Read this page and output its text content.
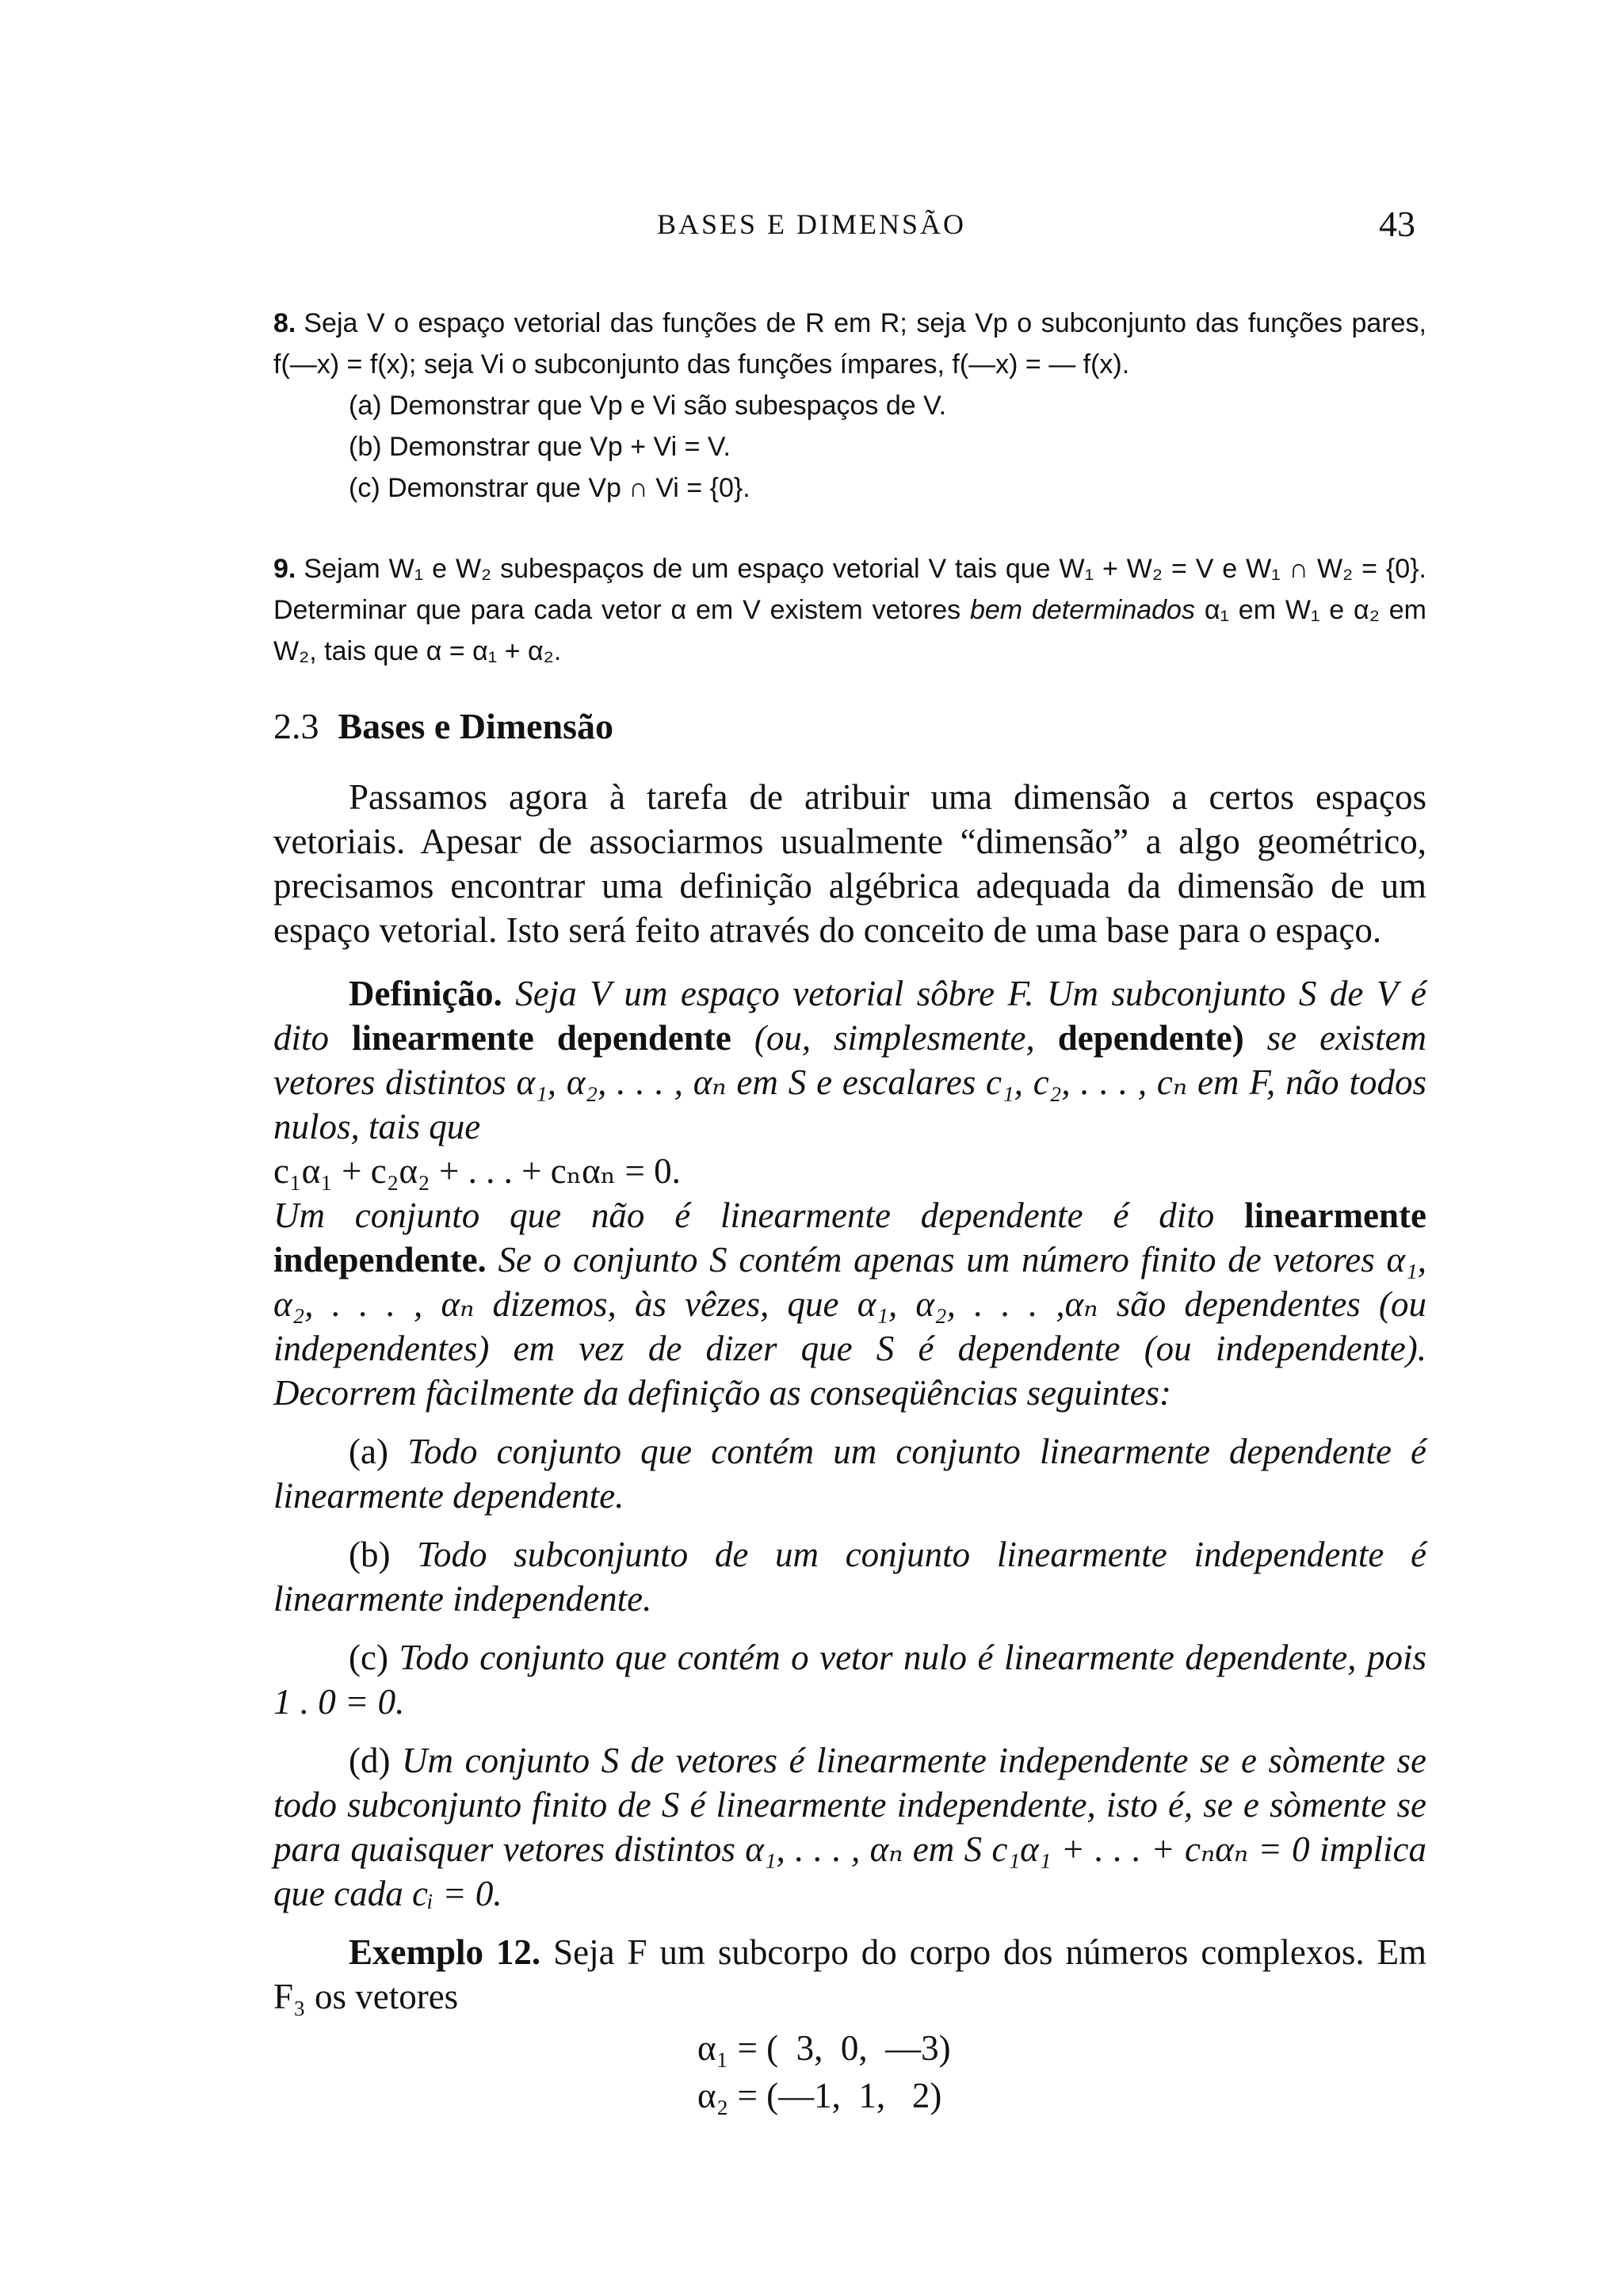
BASES E DIMENSÃO	43

8. Seja V o espaço vetorial das funções de R em R; seja Vp o subconjunto das funções pares, f(—x) = f(x); seja Vi o subconjunto das funções ímpares, f(—x) = — f(x).

(a) Demonstrar que Vp e Vi são subespaços de V.

(b) Demonstrar que Vp + Vi = V.

(c) Demonstrar que Vp ∩ Vi = {0}.

9. Sejam W₁ e W₂ subespaços de um espaço vetorial V tais que W₁ + W₂ = V e W₁ ∩ W₂ = {0}. Determinar que para cada vetor α em V existem vetores bem determinados α₁ em W₁ e α₂ em W₂, tais que α = α₁ + α₂.

2.3 Bases e Dimensão

Passamos agora à tarefa de atribuir uma dimensão a certos espaços vetoriais. Apesar de associarmos usualmente “dimensão” a algo geométrico, precisamos encontrar uma definição algébrica adequada da dimensão de um espaço vetorial. Isto será feito através do conceito de uma base para o espaço.

Definição. Seja V um espaço vetorial sôbre F. Um subconjunto S de V é dito linearmente dependente (ou, simplesmente, dependente) se existem vetores distintos α₁, α₂, . . . , αₙ em S e escalares c₁, c₂, . . . , cₙ em F, não todos nulos, tais que

c₁α₁ + c₂α₂ + . . . + cₙαₙ = 0.

Um conjunto que não é linearmente dependente é dito linearmente independente. Se o conjunto S contém apenas um número finito de vetores α₁, α₂, . . . , αₙ dizemos, às vêzes, que α₁, α₂, . . . ,αₙ são dependentes (ou independentes) em vez de dizer que S é dependente (ou independente). Decorrem fàcilmente da definição as conseqüências seguintes:

(a) Todo conjunto que contém um conjunto linearmente dependente é linearmente dependente.

(b) Todo subconjunto de um conjunto linearmente independente é linearmente independente.

(c) Todo conjunto que contém o vetor nulo é linearmente dependente, pois 1 . 0 = 0.

(d) Um conjunto S de vetores é linearmente independente se e sòmente se todo subconjunto finito de S é linearmente independente, isto é, se e sòmente se para quaisquer vetores distintos α₁, . . . , αₙ em S c₁α₁ + . . . + cₙαₙ = 0 implica que cada cᵢ = 0.

Exemplo 12. Seja F um subcorpo do corpo dos números complexos. Em F₃ os vetores

α₁ = (  3,  0,  —3)
α₂ = (—1,  1,   2)
